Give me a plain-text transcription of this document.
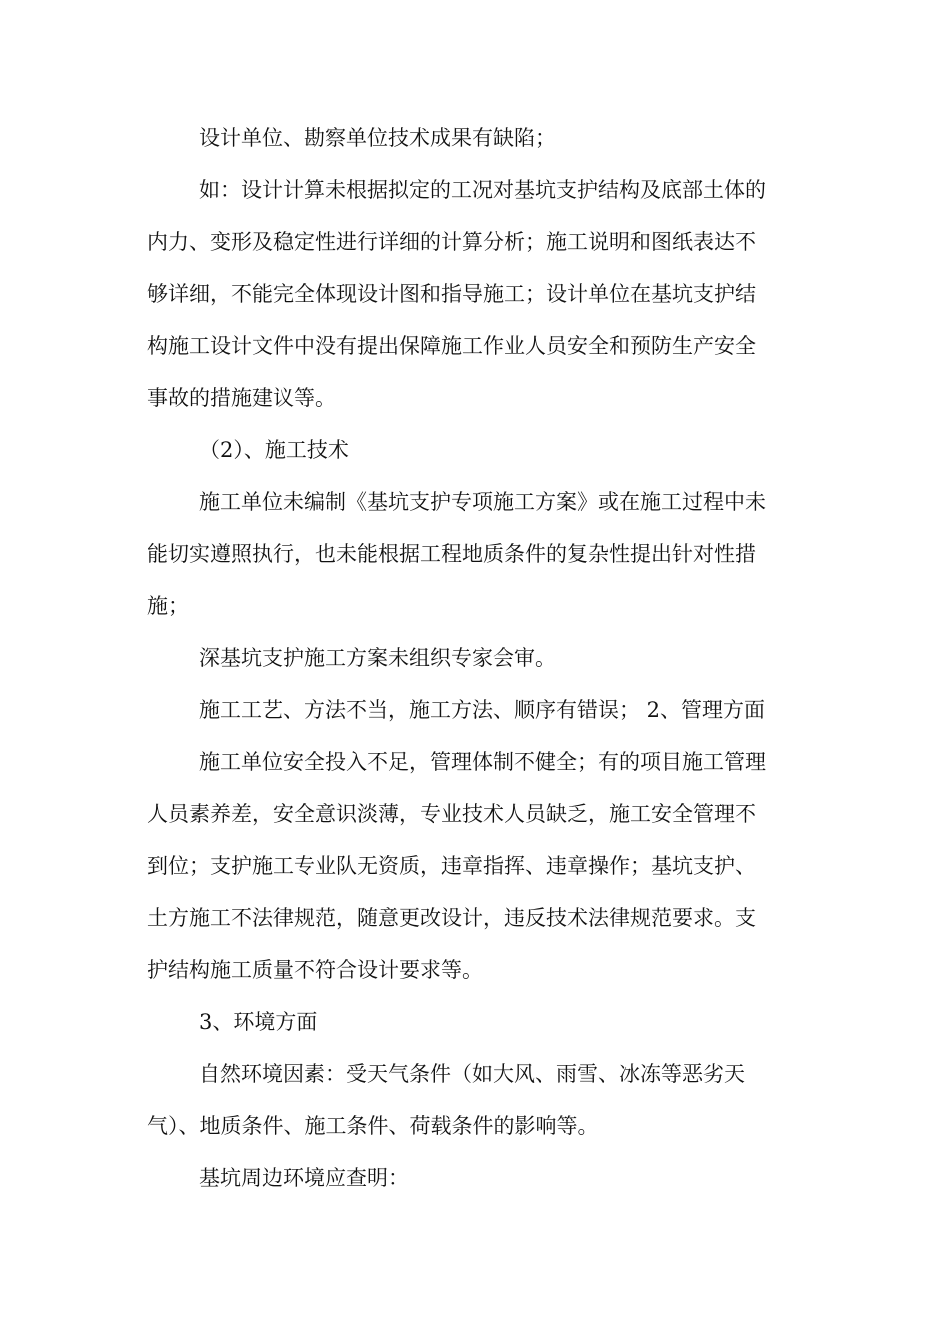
设计单位、勘察单位技术成果有缺陷；
如：设计计算未根据拟定的工况对基坑支护结构及底部土体的
内力、变形及稳定性进行详细的计算分析；施工说明和图纸表达不
够详细，不能完全体现设计图和指导施工；设计单位在基坑支护结
构施工设计文件中没有提出保障施工作业人员安全和预防生产安全
事故的措施建议等。
（2）、施工技术
施工单位未编制《基坑支护专项施工方案》或在施工过程中未
能切实遵照执行，也未能根据工程地质条件的复杂性提出针对性措
施；
深基坑支护施工方案未组织专家会审。
施工工艺、方法不当，施工方法、顺序有错误； 2、管理方面
施工单位安全投入不足，管理体制不健全；有的项目施工管理
人员素养差，安全意识淡薄，专业技术人员缺乏，施工安全管理不
到位；支护施工专业队无资质，违章指挥、违章操作；基坑支护、
土方施工不法律规范，随意更改设计，违反技术法律规范要求。支
护结构施工质量不符合设计要求等。
3、环境方面
自然环境因素：受天气条件（如大风、雨雪、冰冻等恶劣天
气）、地质条件、施工条件、荷载条件的影响等。
基坑周边环境应查明：
